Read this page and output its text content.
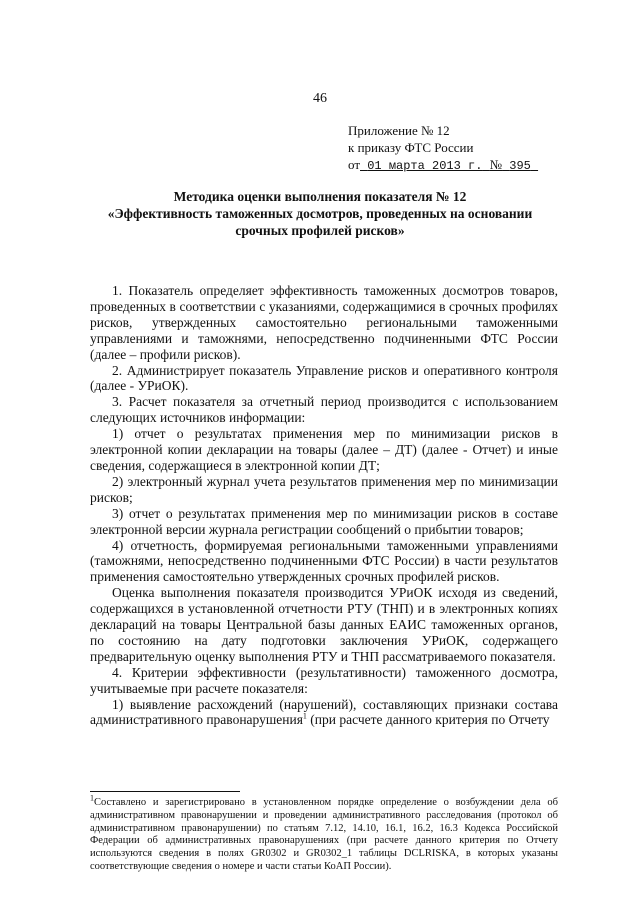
46
Приложение № 12
к приказу ФТС России
от 01 марта 2013 г. № 395
Методика оценки выполнения показателя № 12
«Эффективность таможенных досмотров, проведенных на основании
срочных профилей рисков»

1. Показатель определяет эффективность таможенных досмотров товаров, проведенных в соответствии с указаниями, содержащимися в срочных профилях рисков, утвержденных самостоятельно региональными таможенными управлениями и таможнями, непосредственно подчиненными ФТС России (далее – профили рисков).

2. Администрирует показатель Управление рисков и оперативного контроля (далее - УРиОК).

3. Расчет показателя за отчетный период производится с использованием следующих источников информации:

1) отчет о результатах применения мер по минимизации рисков в электронной копии декларации на товары (далее – ДТ) (далее - Отчет) и иные сведения, содержащиеся в электронной копии ДТ;

2) электронный журнал учета результатов применения мер по минимизации рисков;

3) отчет о результатах применения мер по минимизации рисков в составе электронной версии журнала регистрации сообщений о прибытии товаров;

4) отчетность, формируемая региональными таможенными управлениями (таможнями, непосредственно подчиненными ФТС России) в части результатов применения самостоятельно утвержденных срочных профилей рисков.

Оценка выполнения показателя производится УРиОК исходя из сведений, содержащихся в установленной отчетности РТУ (ТНП) и в электронных копиях деклараций на товары Центральной базы данных ЕАИС таможенных органов, по состоянию на дату подготовки заключения УРиОК, содержащего предварительную оценку выполнения РТУ и ТНП рассматриваемого показателя.

4. Критерии эффективности (результативности) таможенного досмотра, учитываемые при расчете показателя:

1) выявление расхождений (нарушений), составляющих признаки состава административного правонарушения$^1$ (при расчете данного критерия по Отчету

$^1$Составлено и зарегистрировано в установленном порядке определение о возбуждении дела об административном правонарушении и проведении административного расследования (протокол об административном правонарушении) по статьям 7.12, 14.10, 16.1, 16.2, 16.3 Кодекса Российской Федерации об административных правонарушениях (при расчете данного критерия по Отчету используются сведения в полях GR0302 и GR0302_1 таблицы DCLRISKA, в которых указаны соответствующие сведения о номере и части статьи КоАП России).
